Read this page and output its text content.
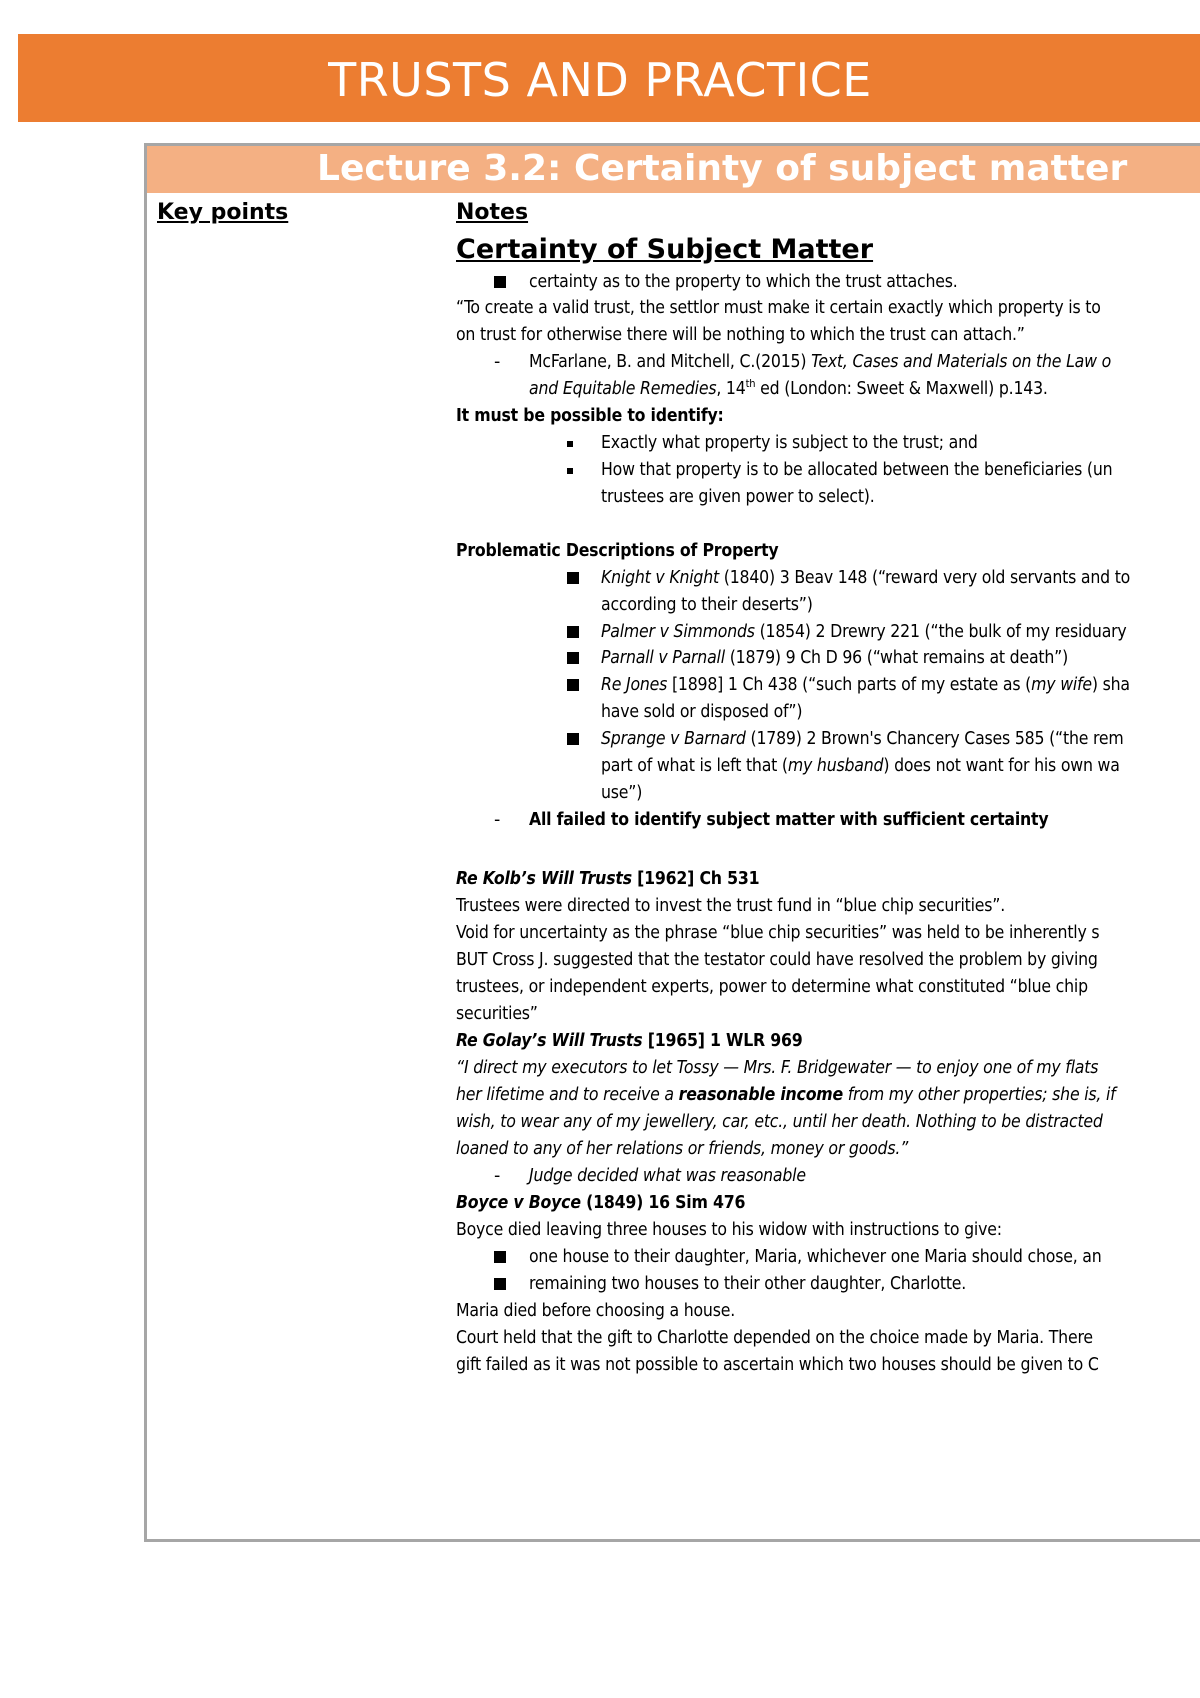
TRUSTS AND PRACTICE
Lecture 3.2: Certainty of subject matter
Key points	Notes
Certainty of Subject Matter
certainty as to the property to which the trust attaches.
“To create a valid trust, the settlor must make it certain exactly which property is to
on trust for otherwise there will be nothing to which the trust can attach.”
- McFarlane, B. and Mitchell, C.(2015) Text, Cases and Materials on the Law o
and Equitable Remedies, 14th ed (London: Sweet & Maxwell) p.143.
It must be possible to identify:
Exactly what property is subject to the trust; and
How that property is to be allocated between the beneficiaries (un
trustees are given power to select).
Problematic Descriptions of Property
Knight v Knight (1840) 3 Beav 148 (“reward very old servants and to
according to their deserts”)
Palmer v Simmonds (1854) 2 Drewry 221 (“the bulk of my residuary
Parnall v Parnall (1879) 9 Ch D 96 (“what remains at death”)
Re Jones [1898] 1 Ch 438 (“such parts of my estate as (my wife) sha
have sold or disposed of”)
Sprange v Barnard (1789) 2 Brown's Chancery Cases 585 (“the rem
part of what is left that (my husband) does not want for his own wa
use”)
- All failed to identify subject matter with sufficient certainty
Re Kolb’s Will Trusts [1962] Ch 531
Trustees were directed to invest the trust fund in “blue chip securities”.
Void for uncertainty as the phrase “blue chip securities” was held to be inherently s
BUT Cross J. suggested that the testator could have resolved the problem by giving
trustees, or independent experts, power to determine what constituted “blue chip
securities”
Re Golay’s Will Trusts [1965] 1 WLR 969
“I direct my executors to let Tossy — Mrs. F. Bridgewater — to enjoy one of my flats
her lifetime and to receive a reasonable income from my other properties; she is, if
wish, to wear any of my jewellery, car, etc., until her death. Nothing to be distracted
loaned to any of her relations or friends, money or goods.”
- Judge decided what was reasonable
Boyce v Boyce (1849) 16 Sim 476
Boyce died leaving three houses to his widow with instructions to give:
one house to their daughter, Maria, whichever one Maria should chose, an
remaining two houses to their other daughter, Charlotte.
Maria died before choosing a house.
Court held that the gift to Charlotte depended on the choice made by Maria. There
gift failed as it was not possible to ascertain which two houses should be given to C
